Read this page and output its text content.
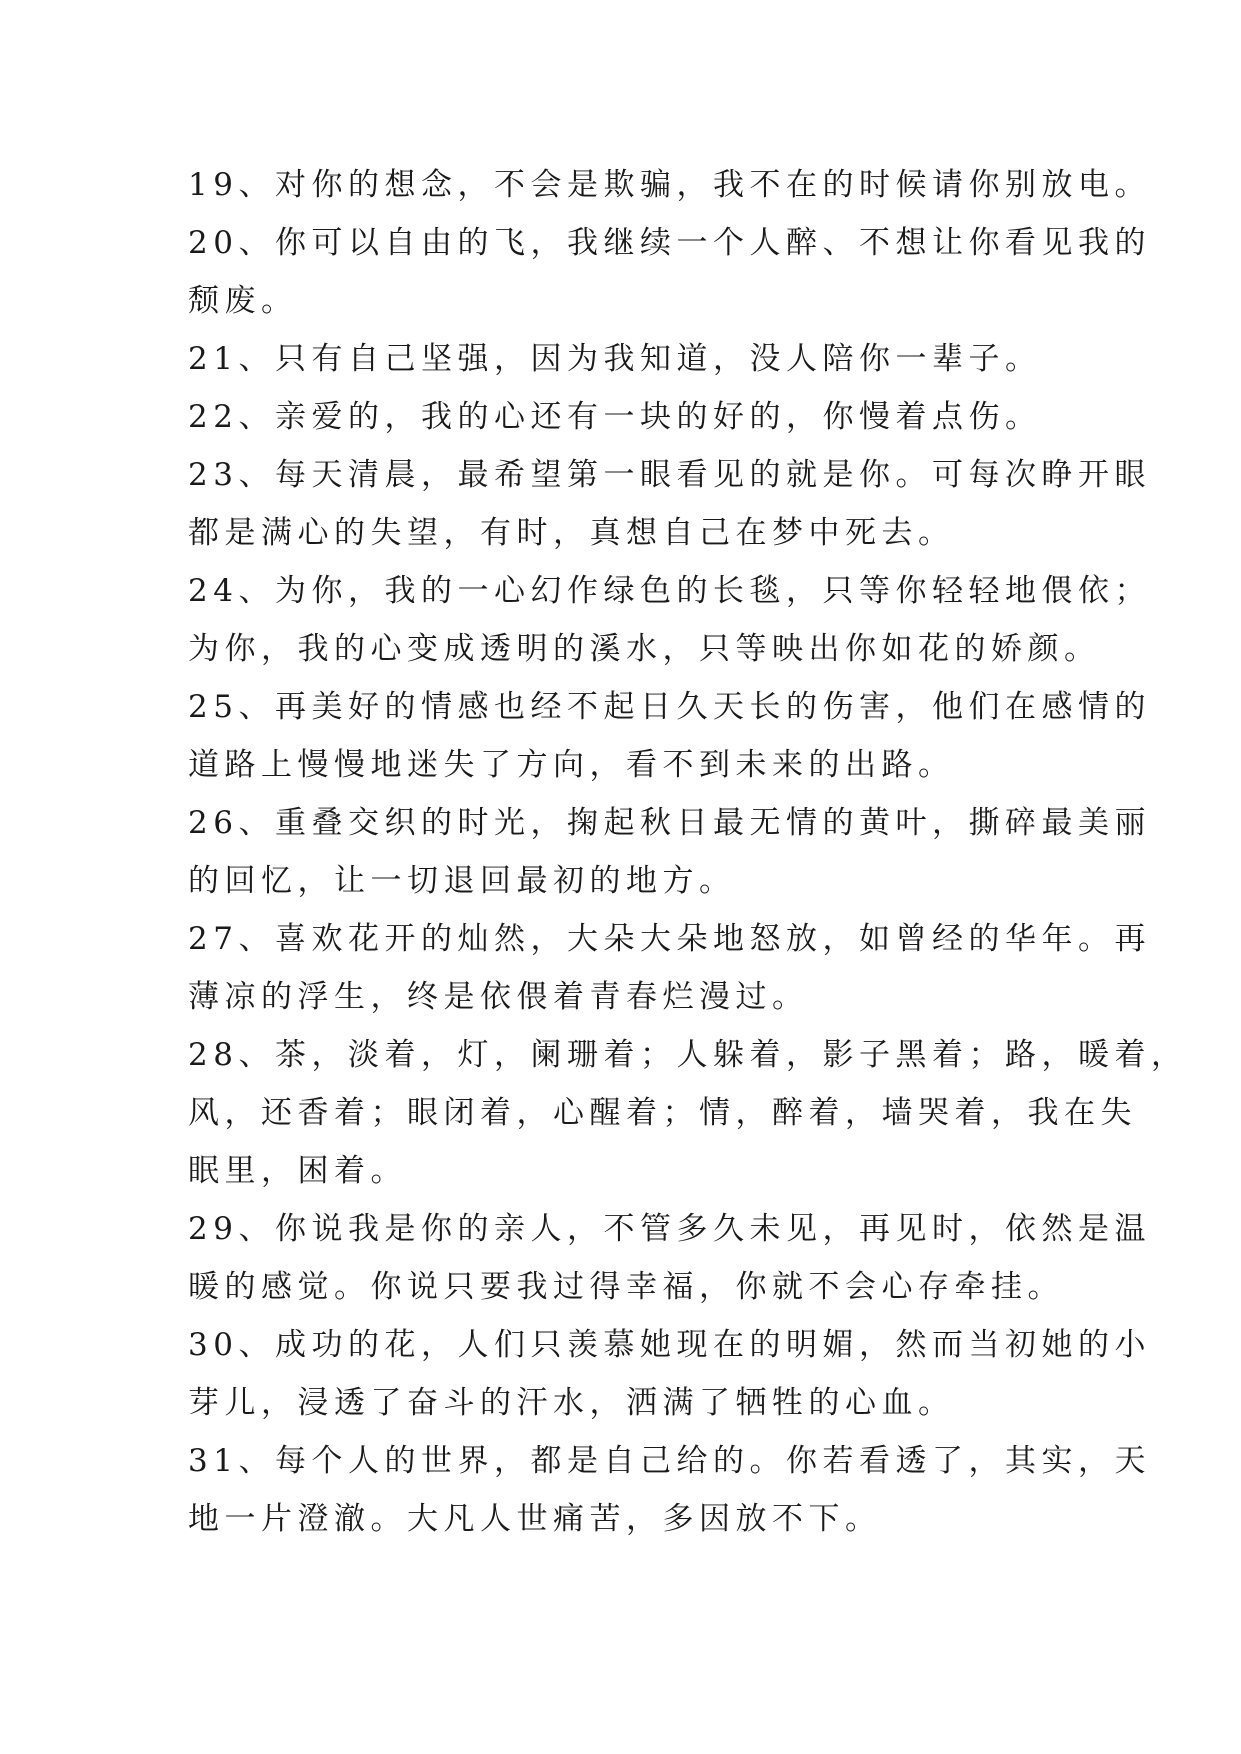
19、对你的想念，不会是欺骗，我不在的时候请你别放电。
20、你可以自由的飞，我继续一个人醉、不想让你看见我的
颓废。
21、只有自己坚强，因为我知道，没人陪你一辈子。
22、亲爱的，我的心还有一块的好的，你慢着点伤。
23、每天清晨，最希望第一眼看见的就是你。可每次睁开眼
都是满心的失望，有时，真想自己在梦中死去。
24、为你，我的一心幻作绿色的长毯，只等你轻轻地偎依；
为你，我的心变成透明的溪水，只等映出你如花的娇颜。
25、再美好的情感也经不起日久天长的伤害，他们在感情的
道路上慢慢地迷失了方向，看不到未来的出路。
26、重叠交织的时光，掬起秋日最无情的黄叶，撕碎最美丽
的回忆，让一切退回最初的地方。
27、喜欢花开的灿然，大朵大朵地怒放，如曾经的华年。再
薄凉的浮生，终是依偎着青春烂漫过。
28、茶，淡着，灯，阑珊着；人躲着，影子黑着；路，暖着，
风，还香着；眼闭着，心醒着；情，醉着，墙哭着，我在失
眠里，困着。
29、你说我是你的亲人，不管多久未见，再见时，依然是温
暖的感觉。你说只要我过得幸福，你就不会心存牵挂。
30、成功的花，人们只羡慕她现在的明媚，然而当初她的小
芽儿，浸透了奋斗的汗水，洒满了牺牲的心血。
31、每个人的世界，都是自己给的。你若看透了，其实，天
地一片澄澈。大凡人世痛苦，多因放不下。
